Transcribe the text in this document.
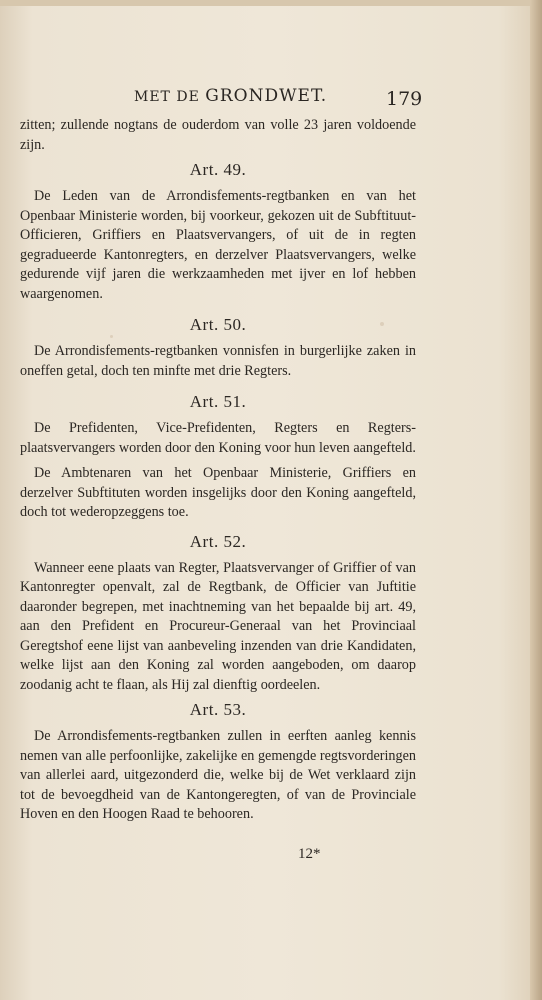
MET DE GRONDWET.	179

zitten; zullende nogtans de ouderdom van volle 23 jaren voldoende zijn.

Art. 49.

De Leden van de Arrondisfements-regtbanken en van het Openbaar Ministerie worden, bij voorkeur, gekozen uit de Subftituut-Officieren, Griffiers en Plaatsvervangers, of uit de in regten gegradueerde Kantonregters, en derzelver Plaatsvervangers, welke gedurende vijf jaren die werkzaamheden met ijver en lof hebben waargenomen.

Art. 50.

De Arrondisfements-regtbanken vonnisfen in burgerlijke zaken in oneffen getal, doch ten minfte met drie Regters.

Art. 51.

De Prefidenten, Vice-Prefidenten, Regters en Regters-plaatsvervangers worden door den Koning voor hun leven aangefteld.

De Ambtenaren van het Openbaar Ministerie, Griffiers en derzelver Subftituten worden insgelijks door den Koning aangefteld, doch tot wederopzeggens toe.

Art. 52.

Wanneer eene plaats van Regter, Plaatsvervanger of Griffier of van Kantonregter openvalt, zal de Regtbank, de Officier van Juftitie daaronder begrepen, met inachtneming van het bepaalde bij art. 49, aan den Prefident en Procureur-Generaal van het Provinciaal Geregtshof eene lijst van aanbeveling inzenden van drie Kandidaten, welke lijst aan den Koning zal worden aangeboden, om daarop zoodanig acht te flaan, als Hij zal dienftig oordeelen.

Art. 53.

De Arrondisfements-regtbanken zullen in eerften aanleg kennis nemen van alle perfoonlijke, zakelijke en gemengde regtsvorderingen van allerlei aard, uitgezonderd die, welke bij de Wet verklaard zijn tot de bevoegdheid van de Kantongeregten, of van de Provinciale Hoven en den Hoogen Raad te behooren.

12*
